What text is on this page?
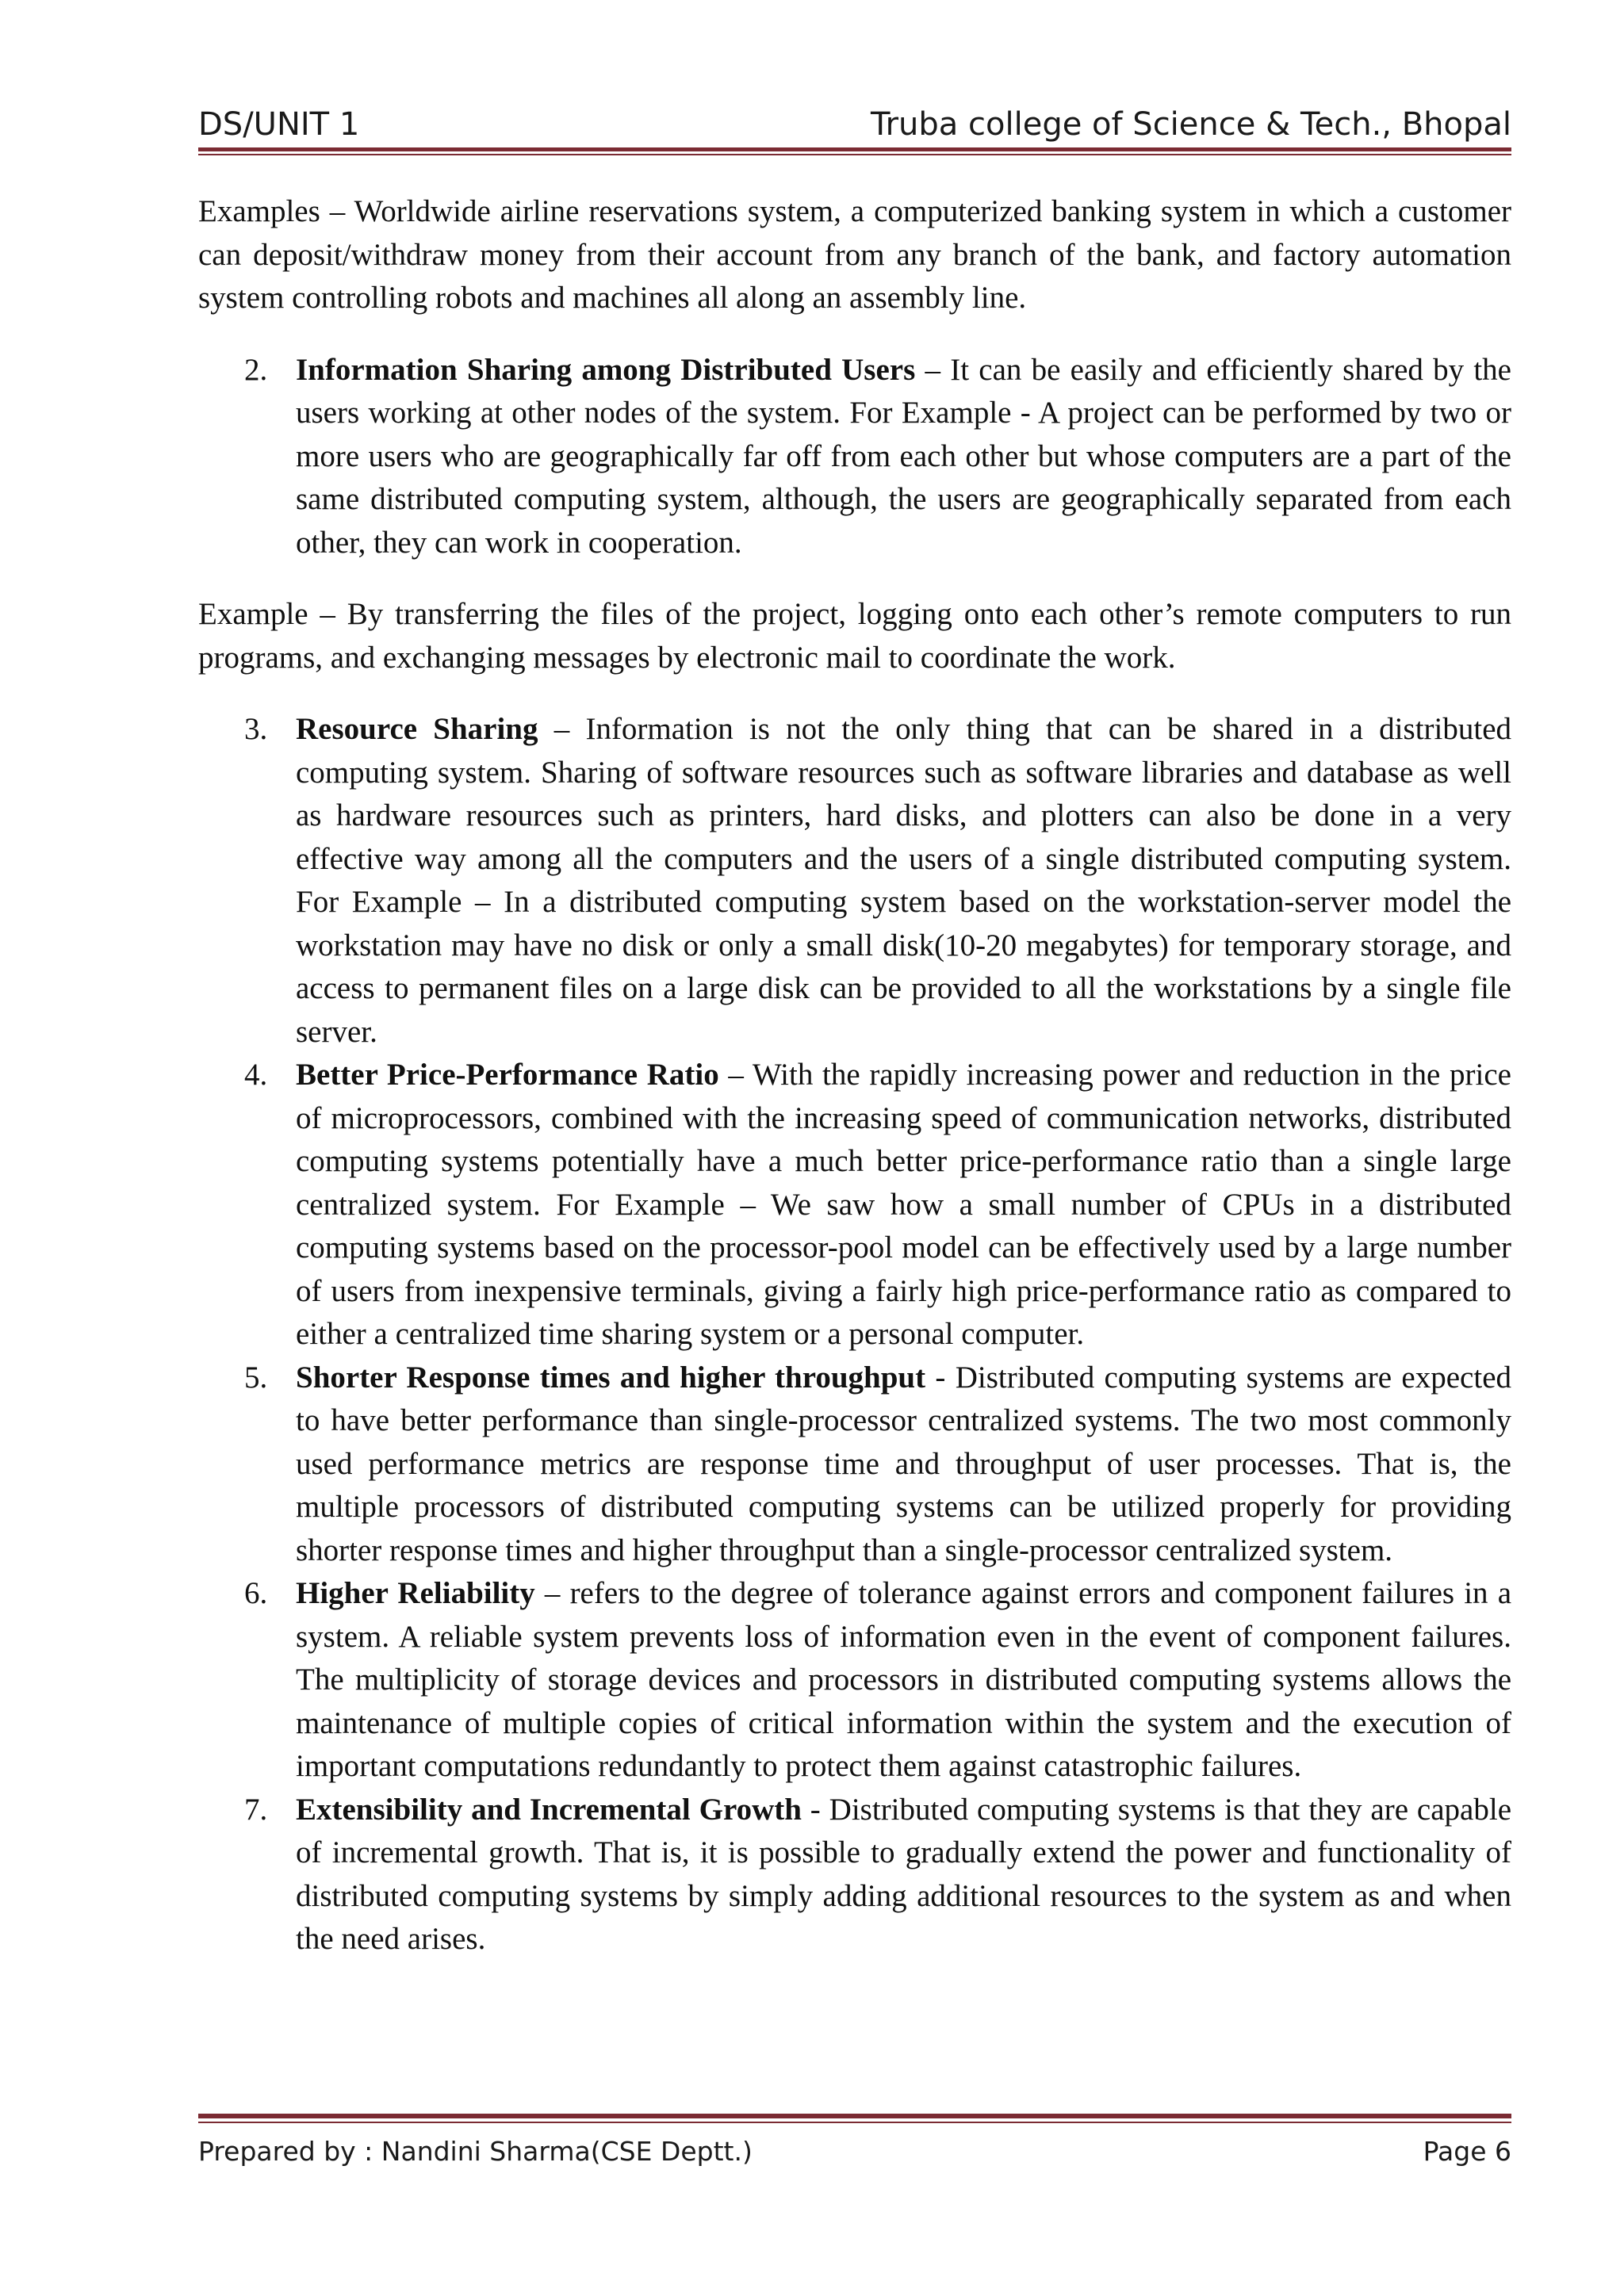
DS/UNIT 1	Truba college of Science & Tech., Bhopal

Examples – Worldwide airline reservations system, a computerized banking system in which a customer can deposit/withdraw money from their account from any branch of the bank, and factory automation system controlling robots and machines all along an assembly line.

2. Information Sharing among Distributed Users – It can be easily and efficiently shared by the users working at other nodes of the system. For Example - A project can be performed by two or more users who are geographically far off from each other but whose computers are a part of the same distributed computing system, although, the users are geographically separated from each other, they can work in cooperation.

Example – By transferring the files of the project, logging onto each other’s remote computers to run programs, and exchanging messages by electronic mail to coordinate the work.

3. Resource Sharing – Information is not the only thing that can be shared in a distributed computing system. Sharing of software resources such as software libraries and database as well as hardware resources such as printers, hard disks, and plotters can also be done in a very effective way among all the computers and the users of a single distributed computing system. For Example – In a distributed computing system based on the workstation-server model the workstation may have no disk or only a small disk(10-20 megabytes) for temporary storage, and access to permanent files on a large disk can be provided to all the workstations by a single file server.
4. Better Price-Performance Ratio – With the rapidly increasing power and reduction in the price of microprocessors, combined with the increasing speed of communication networks, distributed computing systems potentially have a much better price-performance ratio than a single large centralized system. For Example – We saw how a small number of CPUs in a distributed computing systems based on the processor-pool model can be effectively used by a large number of users from inexpensive terminals, giving a fairly high price-performance ratio as compared to either a centralized time sharing system or a personal computer.
5. Shorter Response times and higher throughput - Distributed computing systems are expected to have better performance than single-processor centralized systems. The two most commonly used performance metrics are response time and throughput of user processes. That is, the multiple processors of distributed computing systems can be utilized properly for providing shorter response times and higher throughput than a single-processor centralized system.
6. Higher Reliability – refers to the degree of tolerance against errors and component failures in a system. A reliable system prevents loss of information even in the event of component failures. The multiplicity of storage devices and processors in distributed computing systems allows the maintenance of multiple copies of critical information within the system and the execution of important computations redundantly to protect them against catastrophic failures.
7. Extensibility and Incremental Growth - Distributed computing systems is that they are capable of incremental growth. That is, it is possible to gradually extend the power and functionality of distributed computing systems by simply adding additional resources to the system as and when the need arises.
Prepared by : Nandini Sharma(CSE Deptt.)	Page 6
